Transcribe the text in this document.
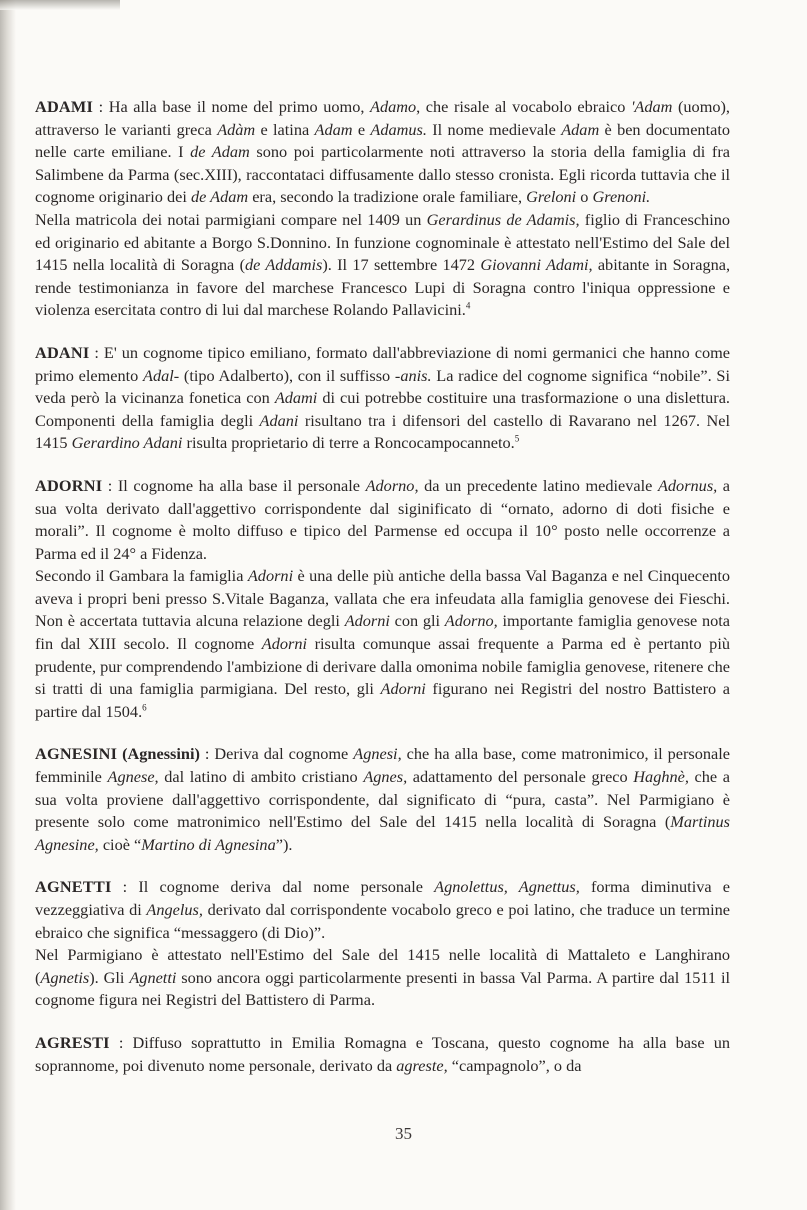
ADAMI : Ha alla base il nome del primo uomo, Adamo, che risale al vocabolo ebraico 'Adam (uomo), attraverso le varianti greca Adàm e latina Adam e Adamus. Il nome medievale Adam è ben documentato nelle carte emiliane. I de Adam sono poi particolarmente noti attraverso la storia della famiglia di fra Salimbene da Parma (sec.XIII), raccontataci diffusamente dallo stesso cronista. Egli ricorda tuttavia che il cognome originario dei de Adam era, secondo la tradizione orale familiare, Greloni o Grenoni.

Nella matricola dei notai parmigiani compare nel 1409 un Gerardinus de Adamis, figlio di Franceschino ed originario ed abitante a Borgo S.Donnino. In funzione cognominale è attestato nell'Estimo del Sale del 1415 nella località di Soragna (de Addamis). Il 17 settembre 1472 Giovanni Adami, abitante in Soragna, rende testimonianza in favore del marchese Francesco Lupi di Soragna contro l'iniqua oppressione e violenza esercitata contro di lui dal marchese Rolando Pallavicini.$^4$

ADANI : E' un cognome tipico emiliano, formato dall'abbreviazione di nomi germanici che hanno come primo elemento Adal- (tipo Adalberto), con il suffisso -anis. La radice del cognome significa “nobile”. Si veda però la vicinanza fonetica con Adami di cui potrebbe costituire una trasformazione o una dislettura. Componenti della famiglia degli Adani risultano tra i difensori del castello di Ravarano nel 1267. Nel 1415 Gerardino Adani risulta proprietario di terre a Roncocampocanneto.$^5$

ADORNI : Il cognome ha alla base il personale Adorno, da un precedente latino medievale Adornus, a sua volta derivato dall'aggettivo corrispondente dal siginificato di “ornato, adorno di doti fisiche e morali”. Il cognome è molto diffuso e tipico del Parmense ed occupa il 10° posto nelle occorrenze a Parma ed il 24° a Fidenza.

Secondo il Gambara la famiglia Adorni è una delle più antiche della bassa Val Baganza e nel Cinquecento aveva i propri beni presso S.Vitale Baganza, vallata che era infeudata alla famiglia genovese dei Fieschi. Non è accertata tuttavia alcuna relazione degli Adorni con gli Adorno, importante famiglia genovese nota fin dal XIII secolo. Il cognome Adorni risulta comunque assai frequente a Parma ed è pertanto più prudente, pur comprendendo l'ambizione di derivare dalla omonima nobile famiglia genovese, ritenere che si tratti di una famiglia parmigiana. Del resto, gli Adorni figurano nei Registri del nostro Battistero a partire dal 1504.$^6$

AGNESINI (Agnessini) : Deriva dal cognome Agnesi, che ha alla base, come matronimico, il personale femminile Agnese, dal latino di ambito cristiano Agnes, adattamento del personale greco Haghnè, che a sua volta proviene dall'aggettivo corrispondente, dal significato di “pura, casta”. Nel Parmigiano è presente solo come matronimico nell'Estimo del Sale del 1415 nella località di Soragna (Martinus Agnesine, cioè “Martino di Agnesina”).

AGNETTI : Il cognome deriva dal nome personale Agnolettus, Agnettus, forma diminutiva e vezzeggiativa di Angelus, derivato dal corrispondente vocabolo greco e poi latino, che traduce un termine ebraico che significa “messaggero (di Dio)”.

Nel Parmigiano è attestato nell'Estimo del Sale del 1415 nelle località di Mattaleto e Langhirano (Agnetis). Gli Agnetti sono ancora oggi particolarmente presenti in bassa Val Parma. A partire dal 1511 il cognome figura nei Registri del Battistero di Parma.

AGRESTI : Diffuso soprattutto in Emilia Romagna e Toscana, questo cognome ha alla base un soprannome, poi divenuto nome personale, derivato da agreste, “campagnolo”, o da

35
